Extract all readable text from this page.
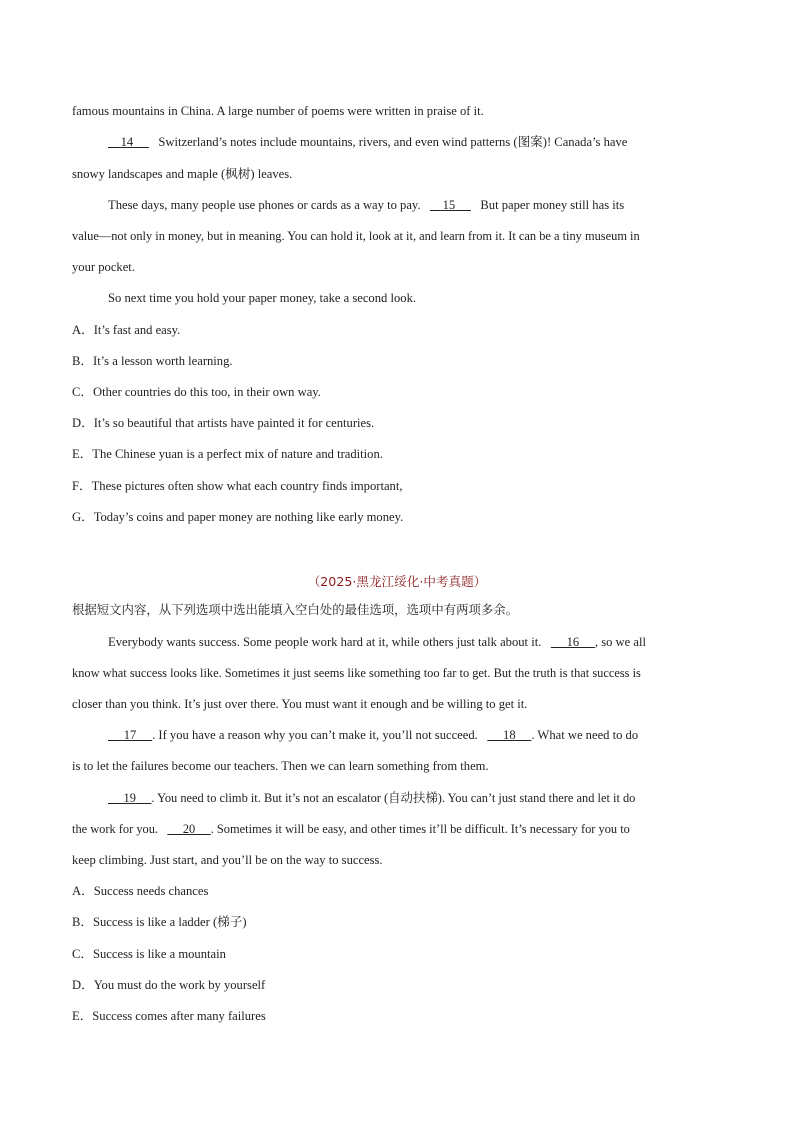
famous mountains in China. A large number of poems were written in praise of it.
14 Switzerland’s notes include mountains, rivers, and even wind patterns (图案)! Canada’s have
snowy landscapes and maple (枫树) leaves.
These days, many people use phones or cards as a way to pay. 15 But paper money still has its
value—not only in money, but in meaning. You can hold it, look at it, and learn from it. It can be a tiny museum in
your pocket.
So next time you hold your paper money, take a second look.
A．It’s fast and easy.
B．It’s a lesson worth learning.
C．Other countries do this too, in their own way.
D．It’s so beautiful that artists have painted it for centuries.
E．The Chinese yuan is a perfect mix of nature and tradition.
F．These pictures often show what each country finds important,
G．Today’s coins and paper money are nothing like early money.
（2025·黑龙江绥化·中考真题）
根据短文内容，从下列选项中选出能填入空白处的最佳选项，选项中有两项多余。
Everybody wants success. Some people work hard at it, while others just talk about it. 16 , so we all
know what success looks like. Sometimes it just seems like something too far to get. But the truth is that success is
closer than you think. It’s just over there. You must want it enough and be willing to get it.
17 . If you have a reason why you can’t make it, you’ll not succeed. 18 . What we need to do
is to let the failures become our teachers. Then we can learn something from them.
19 . You need to climb it. But it’s not an escalator (自动扶梯). You can’t just stand there and let it do
the work for you. 20 . Sometimes it will be easy, and other times it’ll be difficult. It’s necessary for you to
keep climbing. Just start, and you’ll be on the way to success.
A．Success needs chances
B．Success is like a ladder (梯子)
C．Success is like a mountain
D．You must do the work by yourself
E．Success comes after many failures
